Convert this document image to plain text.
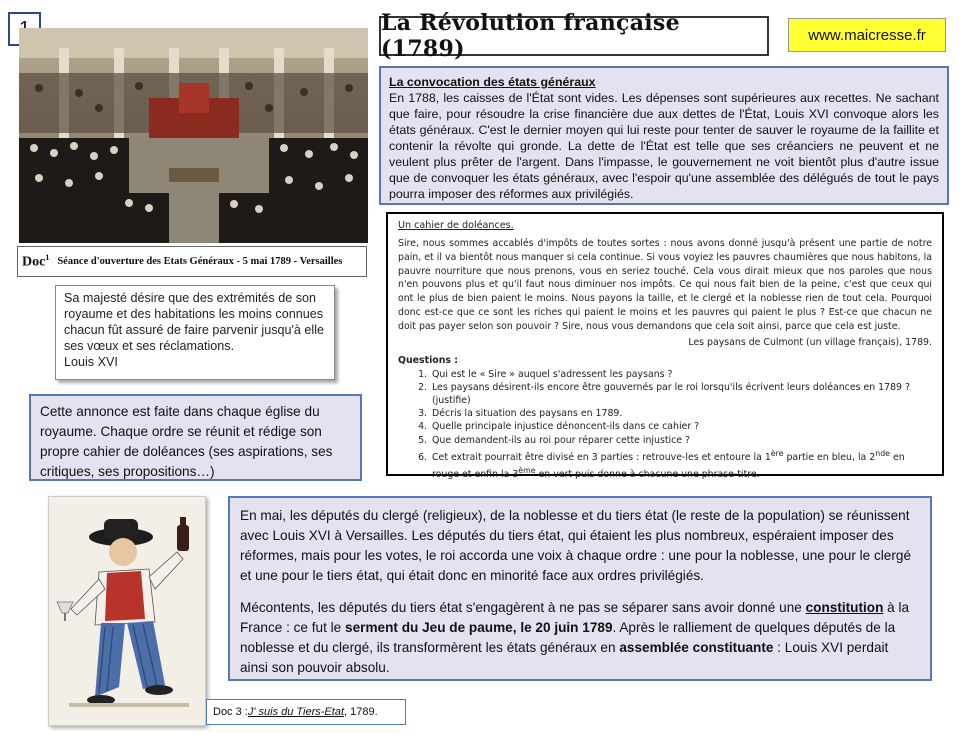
Doc$^1$ Séance d'ouverture des Etats Généraux - 5 mai 1789 - Versailles
Sa majesté désire que des extrémités de son royaume et des habitations les moins connues chacun fût assuré de faire parvenir jusqu'à elle ses vœux et ses réclamations.
Louis XVI
Cette annonce est faite dans chaque église du royaume. Chaque ordre se réunit et rédige son propre cahier de doléances (ses aspirations, ses critiques, ses propositions…)
La Révolution française (1789)
www.maicresse.fr
La convocation des états généraux
En 1788, les caisses de l'État sont vides. Les dépenses sont supérieures aux recettes. Ne sachant que faire, pour résoudre la crise financière due aux dettes de l'État, Louis XVI convoque alors les états généraux. C'est le dernier moyen qui lui reste pour tenter de sauver le royaume de la faillite et contenir la révolte qui gronde. La dette de l'État est telle que ses créanciers ne peuvent et ne veulent plus prêter de l'argent. Dans l'impasse, le gouvernement ne voit bientôt plus d'autre issue que de convoquer les états généraux, avec l'espoir qu'une assemblée des délégués de tout le pays pourra imposer des réformes aux privilégiés.
Un cahier de doléances.
Sire, nous sommes accablés d'impôts de toutes sortes : nous avons donné jusqu'à présent une partie de notre pain, et il va bientôt nous manquer si cela continue. Si vous voyiez les pauvres chaumières que nous habitons, la pauvre nourriture que nous prenons, vous en seriez touché. Cela vous dirait mieux que nos paroles que nous n'en pouvons plus et qu'il faut nous diminuer nos impôts. Ce qui nous fait bien de la peine, c'est que ceux qui ont le plus de bien paient le moins. Nous payons la taille, et le clergé et la noblesse rien de tout cela. Pourquoi donc est-ce que ce sont les riches qui paient le moins et les pauvres qui paient le plus ? Est-ce que chacun ne doit pas payer selon son pouvoir ? Sire, nous vous demandons que cela soit ainsi, parce que cela est juste.
Les paysans de Culmont (un village français), 1789.
Questions :
1. Qui est le « Sire » auquel s'adressent les paysans ?
2. Les paysans désirent-ils encore être gouvernés par le roi lorsqu'ils écrivent leurs doléances en 1789 ? (justifie)
3. Décris la situation des paysans en 1789.
4. Quelle principale injustice dénoncent-ils dans ce cahier ?
5. Que demandent-ils au roi pour réparer cette injustice ?
6. Cet extrait pourrait être divisé en 3 parties : retrouve-les et entoure la 1ère partie en bleu, la 2nde en rouge et enfin la 3ème en vert puis donne à chacune une phrase-titre.
Doc 3 : J' suis du Tiers-Etat , 1789.

En mai, les députés du clergé (religieux), de la noblesse et du tiers état (le reste de la population) se réunissent avec Louis XVI à Versailles. Les députés du tiers état, qui étaient les plus nombreux, espéraient imposer des réformes, mais pour les votes, le roi accorda une voix à chaque ordre : une pour la noblesse, une pour le clergé et une pour le tiers état, qui était donc en minorité face aux ordres privilégiés.

Mécontents, les députés du tiers état s'engagèrent à ne pas se séparer sans avoir donné une constitution à la France : ce fut le serment du Jeu de paume, le 20 juin 1789. Après le ralliement de quelques députés de la noblesse et du clergé, ils transformèrent les états généraux en assemblée constituante : Louis XVI perdait ainsi son pouvoir absolu.
